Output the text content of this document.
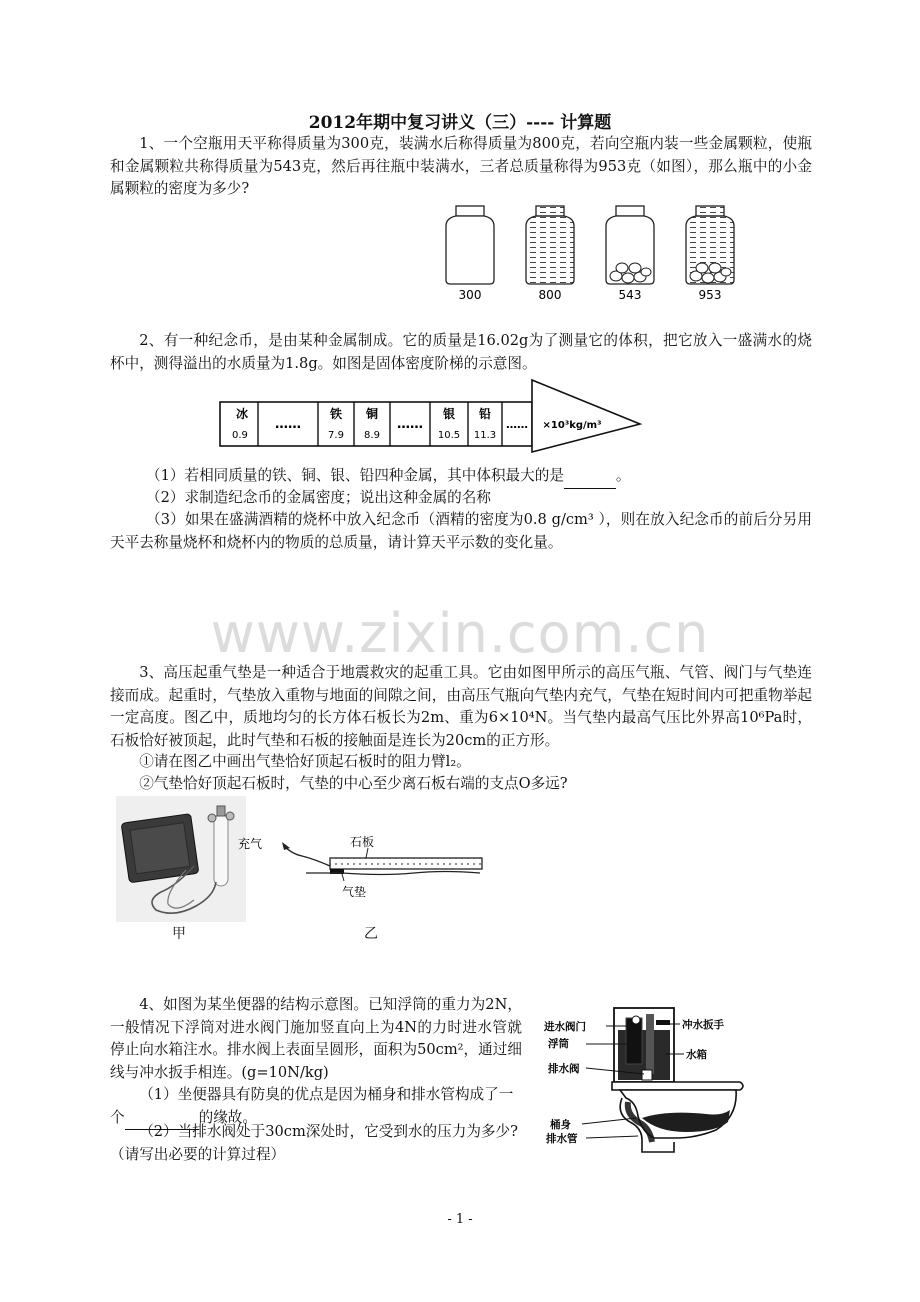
2012年期中复习讲义（三）---- 计算题
1、一个空瓶用天平称得质量为300克，装满水后称得质量为800克，若向空瓶内装一些金属颗粒，使瓶和金属颗粒共称得质量为543克，然后再往瓶中装满水，三者总质量称得为953克（如图），那么瓶中的小金属颗粒的密度为多少?
300	800	543	953
2、有一种纪念币，是由某种金属制成。它的质量是16.02g为了测量它的体积，把它放入一盛满水的烧杯中，测得溢出的水质量为1.8g。如图是固体密度阶梯的示意图。
冰
0.9
……
铁
7.9
铜
8.9
……
银
10.5
铅
11.3
…… ×10³kg/m³
（1）若相同质量的铁、铜、银、铅四种金属，其中体积最大的是	。
（2）求制造纪念币的金属密度；说出这种金属的名称
（3）如果在盛满酒精的烧杯中放入纪念币（酒精的密度为0.8 g/cm³ ），则在放入纪念币的前后分另用天平去称量烧杯和烧杯内的物质的总质量，请计算天平示数的变化量。
www.zixin.com.cn
3、高压起重气垫是一种适合于地震救灾的起重工具。它由如图甲所示的高压气瓶、气管、阀门与气垫连接而成。起重时，气垫放入重物与地面的间隙之间，由高压气瓶向气垫内充气，气垫在短时间内可把重物举起一定高度。图乙中，质地均匀的长方体石板长为2m、重为6×10⁴N。当气垫内最高气压比外界高10⁶Pa时，石板恰好被顶起，此时气垫和石板的接触面是连长为20cm的正方形。
①请在图乙中画出气垫恰好顶起石板时的阻力臂l₂。
②气垫恰好顶起石板时，气垫的中心至少离石板右端的支点O多远?
甲
充气	石板
气垫
乙
4、如图为某坐便器的结构示意图。已知浮筒的重力为2N，一般情况下浮筒对进水阀门施加竖直向上为4N的力时进水管就停止向水箱注水。排水阀上表面呈圆形，面积为50cm²，通过细线与冲水扳手相连。(g=10N/kg)
（1）坐便器具有防臭的优点是因为桶身和排水管构成了一个	的缘故。
（2）当排水阀处于30cm深处时，它受到水的压力为多少?（请写出必要的计算过程）
进水阀门
浮筒
排水阀
桶身
排水管
冲水扳手
水箱
- 1 -
